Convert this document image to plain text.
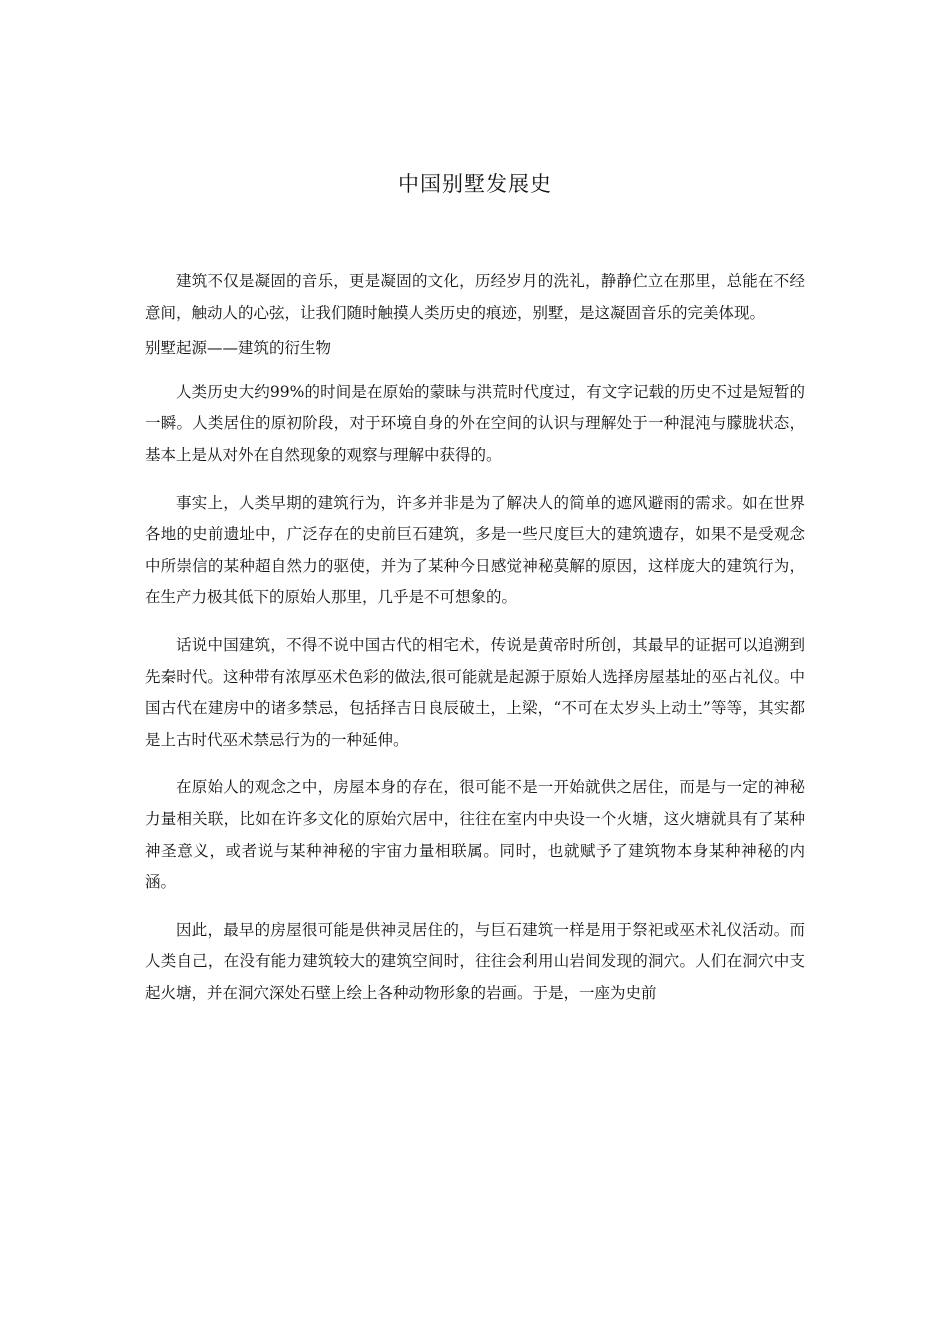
中国别墅发展史

建筑不仅是凝固的音乐，更是凝固的文化，历经岁月的洗礼，静静伫立在那里，总能在不经意间，触动人的心弦，让我们随时触摸人类历史的痕迹，别墅，是这凝固音乐的完美体现。

别墅起源——建筑的衍生物

人类历史大约99%的时间是在原始的蒙昧与洪荒时代度过，有文字记载的历史不过是短暂的一瞬。人类居住的原初阶段，对于环境自身的外在空间的认识与理解处于一种混沌与朦胧状态，基本上是从对外在自然现象的观察与理解中获得的。

事实上，人类早期的建筑行为，许多并非是为了解决人的简单的遮风避雨的需求。如在世界各地的史前遗址中，广泛存在的史前巨石建筑，多是一些尺度巨大的建筑遗存，如果不是受观念中所崇信的某种超自然力的驱使，并为了某种今日感觉神秘莫解的原因，这样庞大的建筑行为，在生产力极其低下的原始人那里，几乎是不可想象的。

话说中国建筑，不得不说中国古代的相宅术，传说是黄帝时所创，其最早的证据可以追溯到先秦时代。这种带有浓厚巫术色彩的做法,很可能就是起源于原始人选择房屋基址的巫占礼仪。中国古代在建房中的诸多禁忌，包括择吉日良辰破土，上梁，“不可在太岁头上动土”等等，其实都是上古时代巫术禁忌行为的一种延伸。

在原始人的观念之中，房屋本身的存在，很可能不是一开始就供之居住，而是与一定的神秘力量相关联，比如在许多文化的原始穴居中，往往在室内中央设一个火塘，这火塘就具有了某种神圣意义，或者说与某种神秘的宇宙力量相联属。同时，也就赋予了建筑物本身某种神秘的内涵。

因此，最早的房屋很可能是供神灵居住的，与巨石建筑一样是用于祭祀或巫术礼仪活动。而人类自己，在没有能力建筑较大的建筑空间时，往往会利用山岩间发现的洞穴。人们在洞穴中支起火塘，并在洞穴深处石壁上绘上各种动物形象的岩画。于是，一座为史前
